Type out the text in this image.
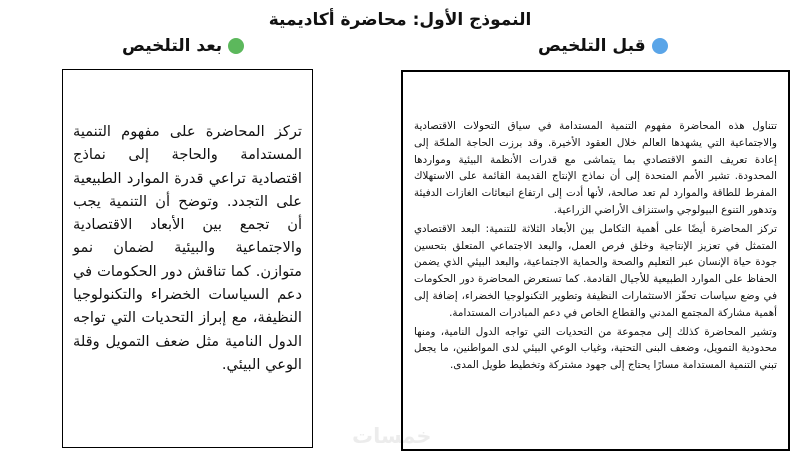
النموذج الأول: محاضرة أكاديمية
قبل التلخيص
بعد التلخيص

تتناول هذه المحاضرة مفهوم التنمية المستدامة في سياق التحولات الاقتصادية والاجتماعية التي يشهدها العالم خلال العقود الأخيرة. وقد برزت الحاجة الملحّة إلى إعادة تعريف النمو الاقتصادي بما يتماشى مع قدرات الأنظمة البيئية ومواردها المحدودة. تشير الأمم المتحدة إلى أن نماذج الإنتاج القديمة القائمة على الاستهلاك المفرط للطاقة والموارد لم تعد صالحة، لأنها أدت إلى ارتفاع انبعاثات الغازات الدفيئة وتدهور التنوع البيولوجي واستنزاف الأراضي الزراعية.

تركز المحاضرة أيضًا على أهمية التكامل بين الأبعاد الثلاثة للتنمية: البعد الاقتصادي المتمثل في تعزيز الإنتاجية وخلق فرص العمل، والبعد الاجتماعي المتعلق بتحسين جودة حياة الإنسان عبر التعليم والصحة والحماية الاجتماعية، والبعد البيئي الذي يضمن الحفاظ على الموارد الطبيعية للأجيال القادمة. كما تستعرض المحاضرة دور الحكومات في وضع سياسات تحفّز الاستثمارات النظيفة وتطوير التكنولوجيا الخضراء، إضافة إلى أهمية مشاركة المجتمع المدني والقطاع الخاص في دعم المبادرات المستدامة.

وتشير المحاضرة كذلك إلى مجموعة من التحديات التي تواجه الدول النامية، ومنها محدودية التمويل، وضعف البنى التحتية، وغياب الوعي البيئي لدى المواطنين، ما يجعل تبني التنمية المستدامة مسارًا يحتاج إلى جهود مشتركة وتخطيط طويل المدى.

تركز المحاضرة على مفهوم التنمية المستدامة والحاجة إلى نماذج اقتصادية تراعي قدرة الموارد الطبيعية على التجدد. وتوضح أن التنمية يجب أن تجمع بين الأبعاد الاقتصادية والاجتماعية والبيئية لضمان نمو متوازن. كما تناقش دور الحكومات في دعم السياسات الخضراء والتكنولوجيا النظيفة، مع إبراز التحديات التي تواجه الدول النامية مثل ضعف التمويل وقلة الوعي البيئي.

خمسات
